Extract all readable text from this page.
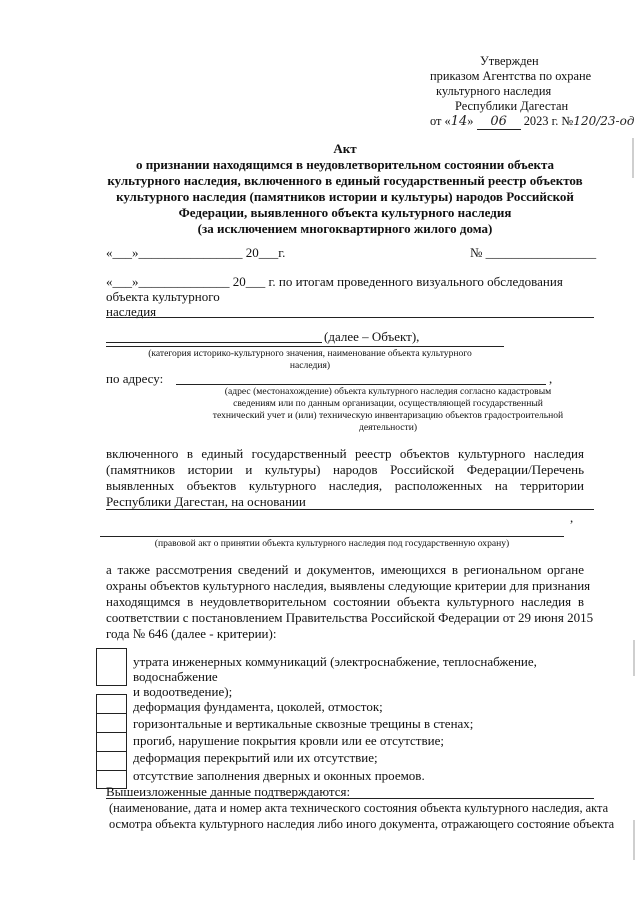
Утвержден
приказом Агентства по охране
культурного наследия
Республики Дагестан
от «14» 06 2023 г. №120/23-од
Акт
о признании находящимся в неудовлетворительном состоянии объекта
культурного наследия, включенного в единый государственный реестр объектов
культурного наследия (памятников истории и культуры) народов Российской
Федерации, выявленного объекта культурного наследия
(за исключением многоквартирного жилого дома)
«___»________________ 20___г.	№ _________________
«___»______________ 20___ г. по итогам проведенного визуального обследования
объекта культурного
наследия
(далее – Объект),
(категория историко-культурного значения, наименование объекта культурного
наследия)
по адресу:	,
(адрес (местонахождение) объекта культурного наследия согласно кадастровым
сведениям или по данным организации, осуществляющей государственный
технический учет и (или) техническую инвентаризацию объектов градостроительной
деятельности)
включенного в единый государственный реестр объектов культурного наследия
(памятников истории и культуры) народов Российской Федерации/Перечень
выявленных объектов культурного наследия, расположенных на территории
Республики Дагестан, на основании
,
(правовой акт о принятии объекта культурного наследия под государственную охрану)
а также рассмотрения сведений и документов, имеющихся в региональном органе
охраны объектов культурного наследия, выявлены следующие критерии для признания
находящимся в неудовлетворительном состоянии объекта культурного наследия в
соответствии с постановлением Правительства Российской Федерации от 29 июня 2015
года № 646 (далее - критерии):
утрата инженерных коммуникаций (электроснабжение, теплоснабжение,
водоснабжение
и водоотведение);
деформация фундамента, цоколей, отмосток;
горизонтальные и вертикальные сквозные трещины в стенах;
прогиб, нарушение покрытия кровли или ее отсутствие;
деформация перекрытий или их отсутствие;
отсутствие заполнения дверных и оконных проемов.
Вышеизложенные данные подтверждаются:
(наименование, дата и номер акта технического состояния объекта культурного наследия, акта
осмотра объекта культурного наследия либо иного документа, отражающего состояние объекта
